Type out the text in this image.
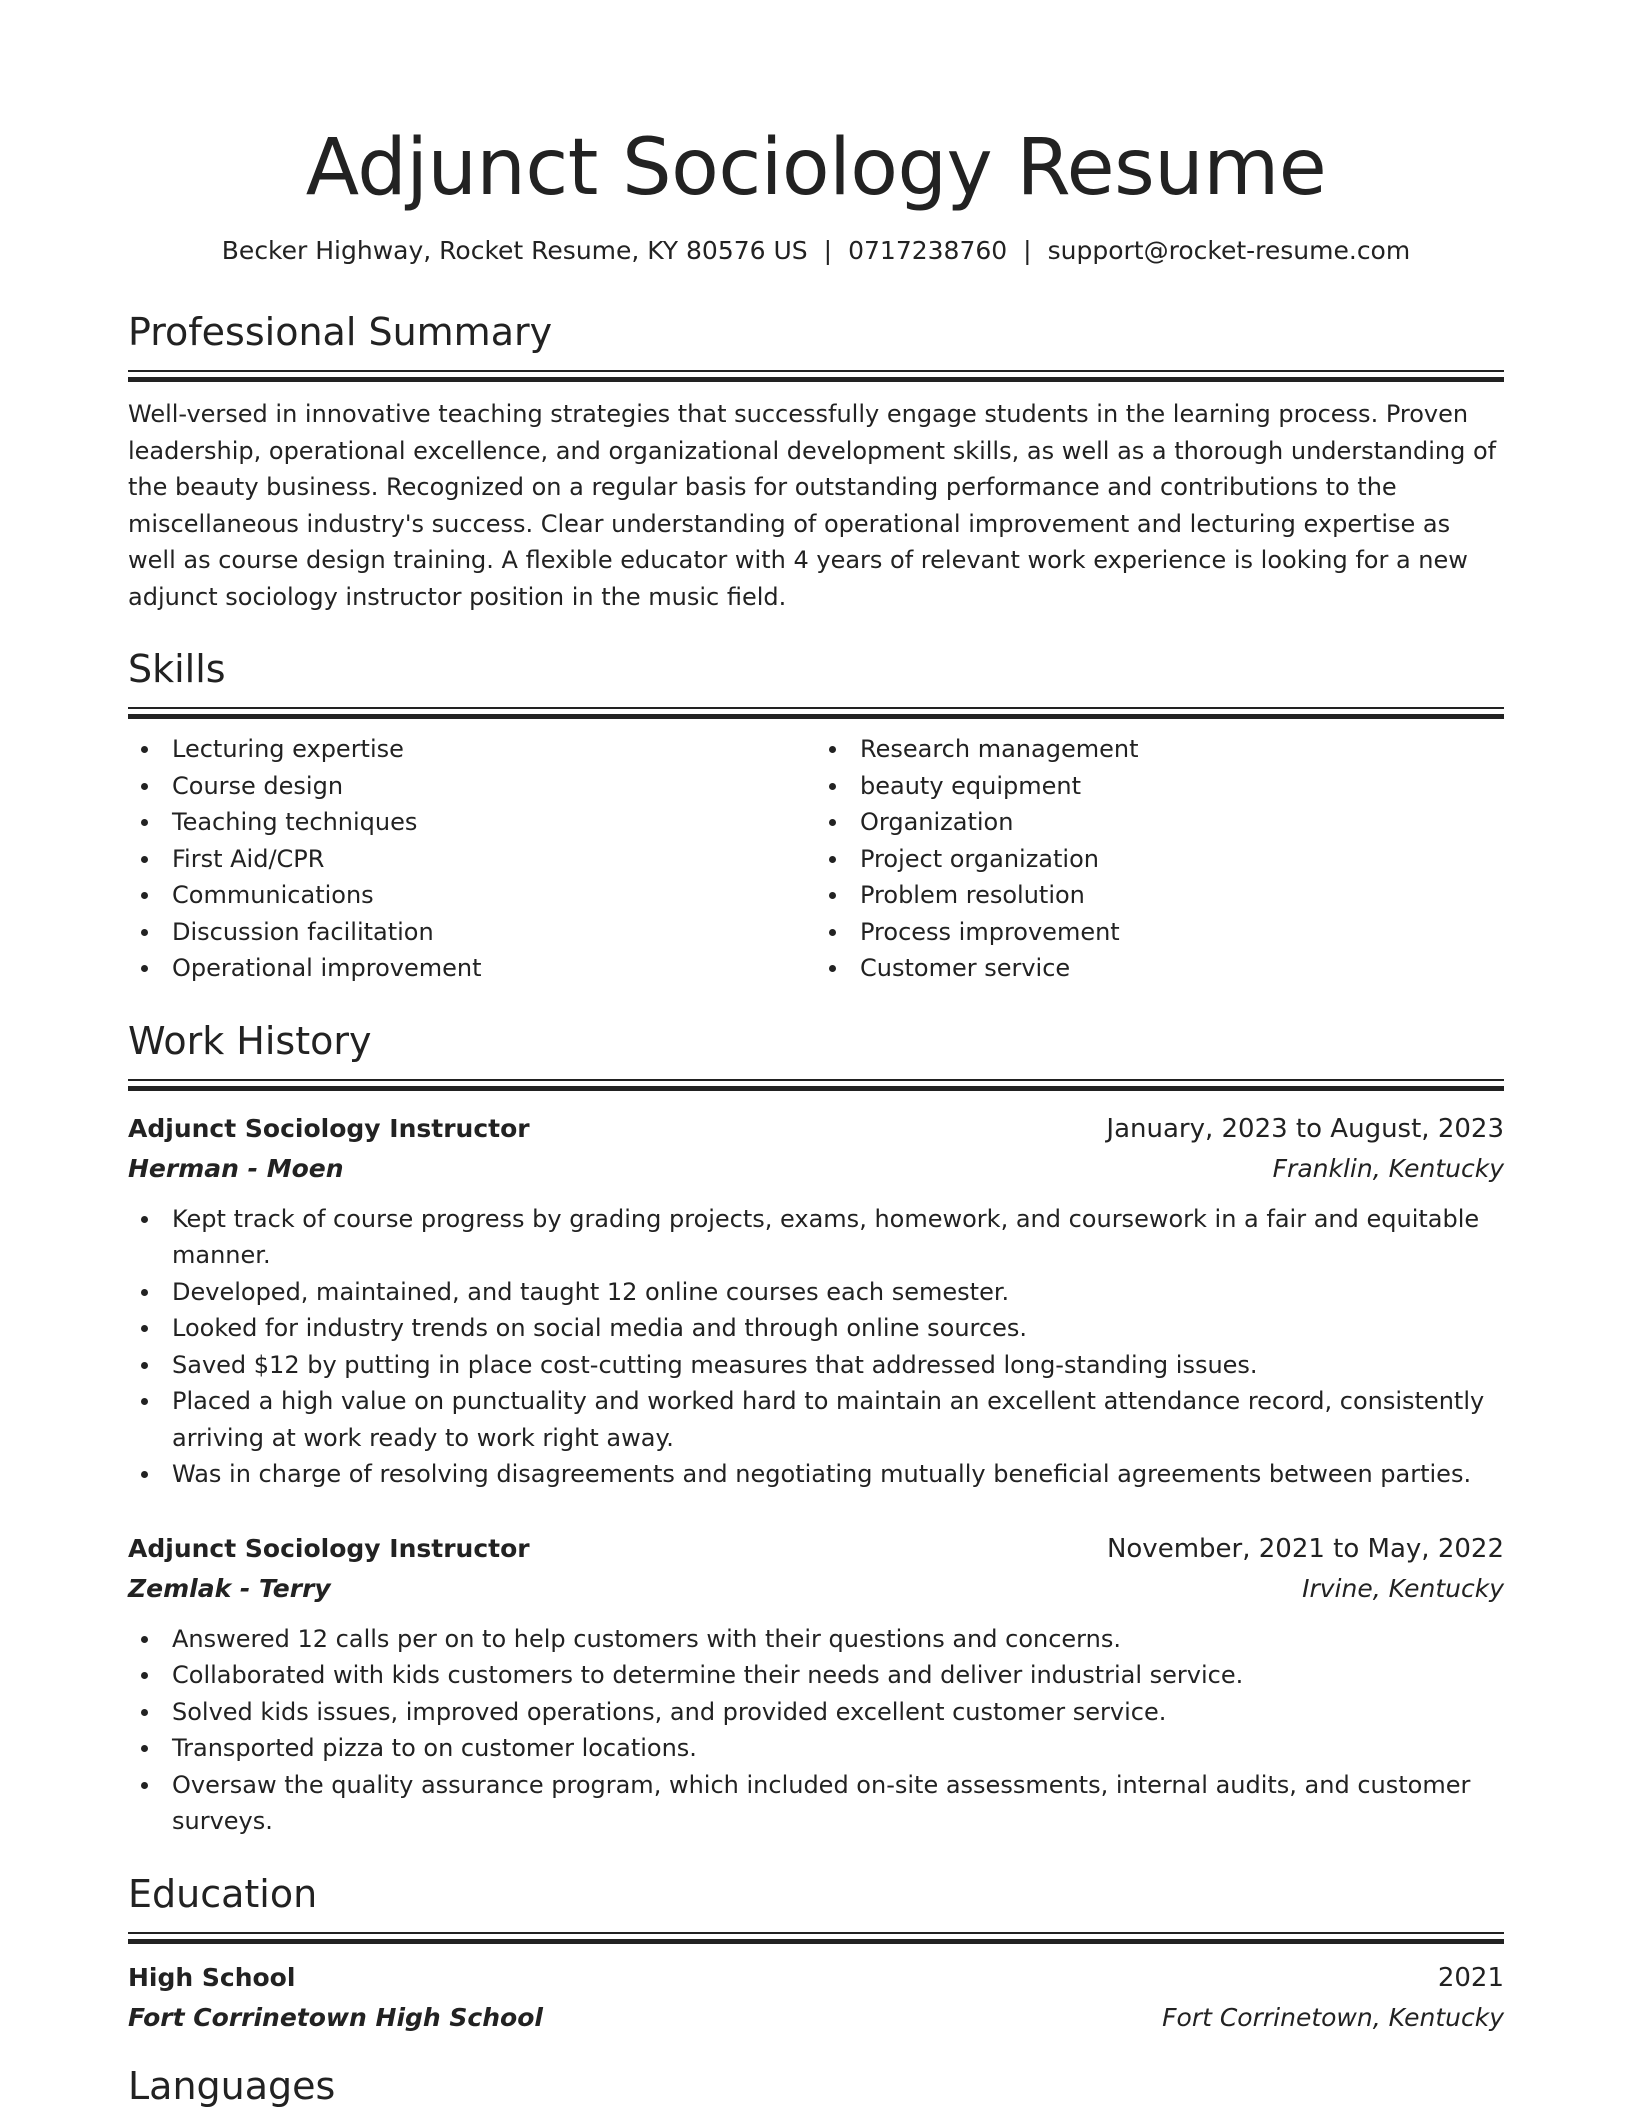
Adjunct Sociology Resume
Becker Highway, Rocket Resume, KY 80576 US | 0717238760 | support@rocket-resume.com
Professional Summary
Well-versed in innovative teaching strategies that successfully engage students in the learning process. Proven leadership, operational excellence, and organizational development skills, as well as a thorough understanding of the beauty business. Recognized on a regular basis for outstanding performance and contributions to the miscellaneous industry's success. Clear understanding of operational improvement and lecturing expertise as well as course design training. A flexible educator with 4 years of relevant work experience is looking for a new adjunct sociology instructor position in the music field.
Skills
Lecturing expertise
Course design
Teaching techniques
First Aid/CPR
Communications
Discussion facilitation
Operational improvement
Research management
beauty equipment
Organization
Project organization
Problem resolution
Process improvement
Customer service
Work History
Adjunct Sociology Instructor	January, 2023 to August, 2023
Herman - Moen	Franklin, Kentucky
Kept track of course progress by grading projects, exams, homework, and coursework in a fair and equitable manner.
Developed, maintained, and taught 12 online courses each semester.
Looked for industry trends on social media and through online sources.
Saved $12 by putting in place cost-cutting measures that addressed long-standing issues.
Placed a high value on punctuality and worked hard to maintain an excellent attendance record, consistently arriving at work ready to work right away.
Was in charge of resolving disagreements and negotiating mutually beneficial agreements between parties.
Adjunct Sociology Instructor	November, 2021 to May, 2022
Zemlak - Terry	Irvine, Kentucky
Answered 12 calls per on to help customers with their questions and concerns.
Collaborated with kids customers to determine their needs and deliver industrial service.
Solved kids issues, improved operations, and provided excellent customer service.
Transported pizza to on customer locations.
Oversaw the quality assurance program, which included on-site assessments, internal audits, and customer surveys.
Education
High School	2021
Fort Corrinetown High School	Fort Corrinetown, Kentucky
Languages
